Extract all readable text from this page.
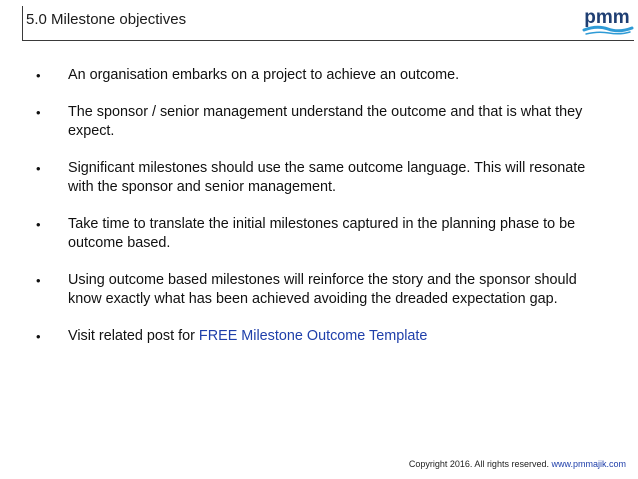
5.0 Milestone objectives	pmm
• An organisation embarks on a project to achieve an outcome.
• The sponsor / senior management understand the outcome and that is what they expect.
• Significant milestones should use the same outcome language. This will resonate with the sponsor and senior management.
• Take time to translate the initial milestones captured in the planning phase to be outcome based.
• Using outcome based milestones will reinforce the story and the sponsor should know exactly what has been achieved avoiding the dreaded expectation gap.
• Visit related post for FREE Milestone Outcome Template
Copyright 2016. All rights reserved. www.pmmajik.com
